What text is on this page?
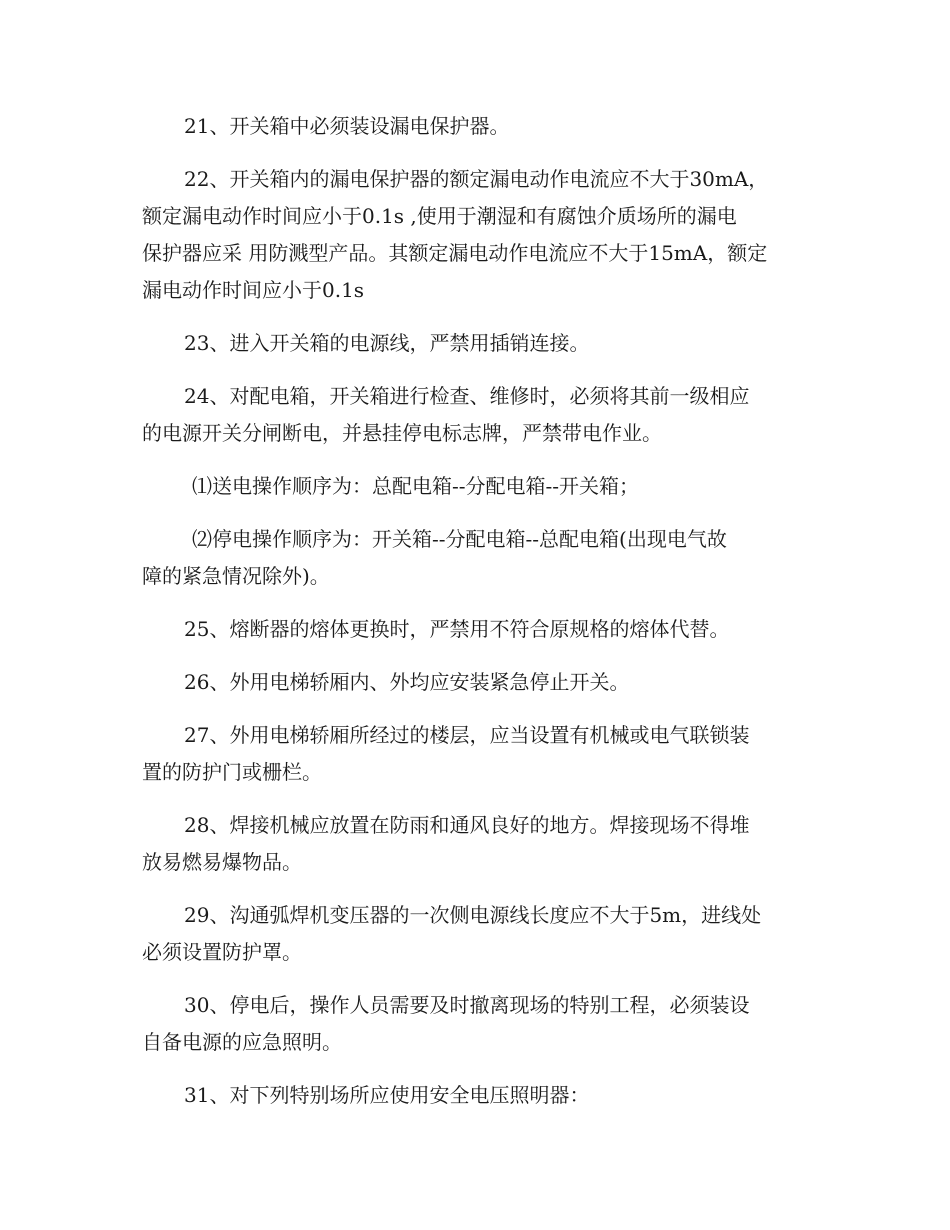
21、开关箱中必须装设漏电保护器。

22、开关箱内的漏电保护器的额定漏电动作电流应不大于30mA，
额定漏电动作时间应小于0.1s ,使用于潮湿和有腐蚀介质场所的漏电
保护器应采 用防溅型产品。其额定漏电动作电流应不大于15mA，额定
漏电动作时间应小于0.1s

23、进入开关箱的电源线，严禁用插销连接。

24、对配电箱，开关箱进行检查、维修时，必须将其前一级相应
的电源开关分闸断电，并悬挂停电标志牌，严禁带电作业。

⑴送电操作顺序为：总配电箱--分配电箱--开关箱；

⑵停电操作顺序为：开关箱--分配电箱--总配电箱(出现电气故
障的紧急情况除外)。

25、熔断器的熔体更换时，严禁用不符合原规格的熔体代替。

26、外用电梯轿厢内、外均应安装紧急停止开关。

27、外用电梯轿厢所经过的楼层，应当设置有机械或电气联锁装
置的防护门或栅栏。

28、焊接机械应放置在防雨和通风良好的地方。焊接现场不得堆
放易燃易爆物品。

29、沟通弧焊机变压器的一次侧电源线长度应不大于5m，进线处
必须设置防护罩。

30、停电后，操作人员需要及时撤离现场的特别工程，必须装设
自备电源的应急照明。

31、对下列特别场所应使用安全电压照明器：
